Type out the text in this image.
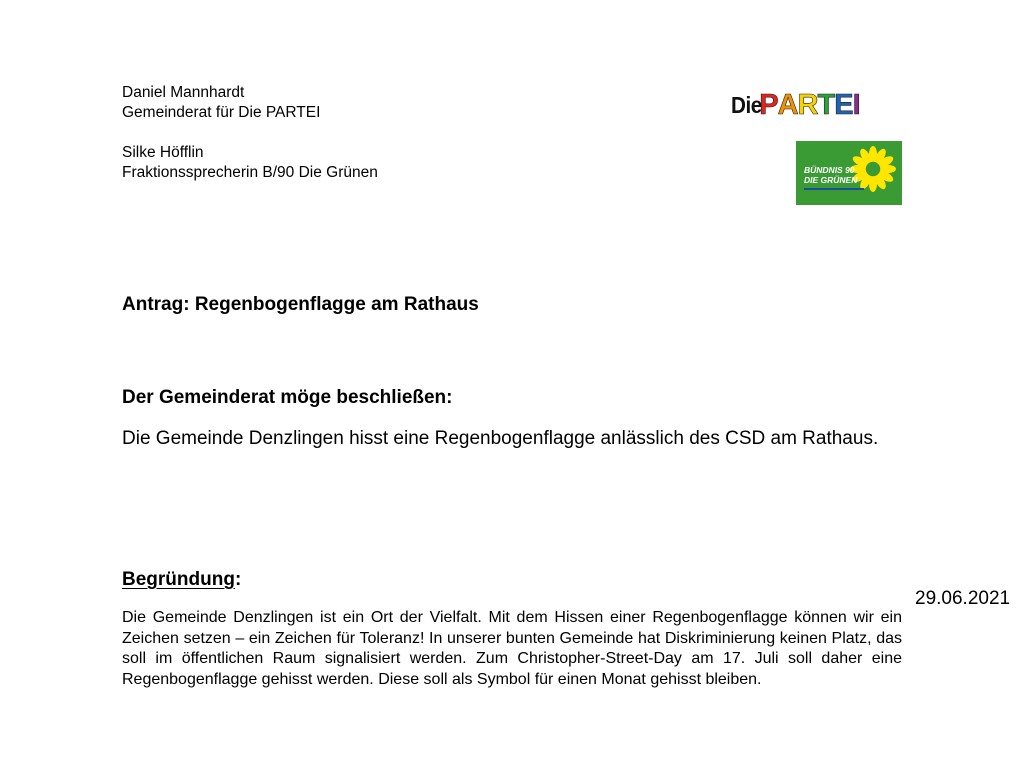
Daniel Mannhardt
Gemeinderat für Die PARTEI
Silke Höfflin
Fraktionssprecherin B/90 Die Grünen
Die
P A R T E I
BÜNDNIS 90
DIE GRÜNEN
Antrag: Regenbogenflagge am Rathaus
29.06.2021
Der Gemeinderat möge beschließen:
Die Gemeinde Denzlingen hisst eine Regenbogenflagge anlässlich des CSD am Rathaus.
Begründung:
Die Gemeinde Denzlingen ist ein Ort der Vielfalt. Mit dem Hissen einer Regenbogenflagge können wir ein Zeichen setzen – ein Zeichen für Toleranz! In unserer bunten Gemeinde hat Diskriminierung keinen Platz, das soll im öffentlichen Raum signalisiert werden. Zum Christopher-Street-Day am 17. Juli soll daher eine Regenbogenflagge gehisst werden. Diese soll als Symbol für einen Monat gehisst bleiben.
